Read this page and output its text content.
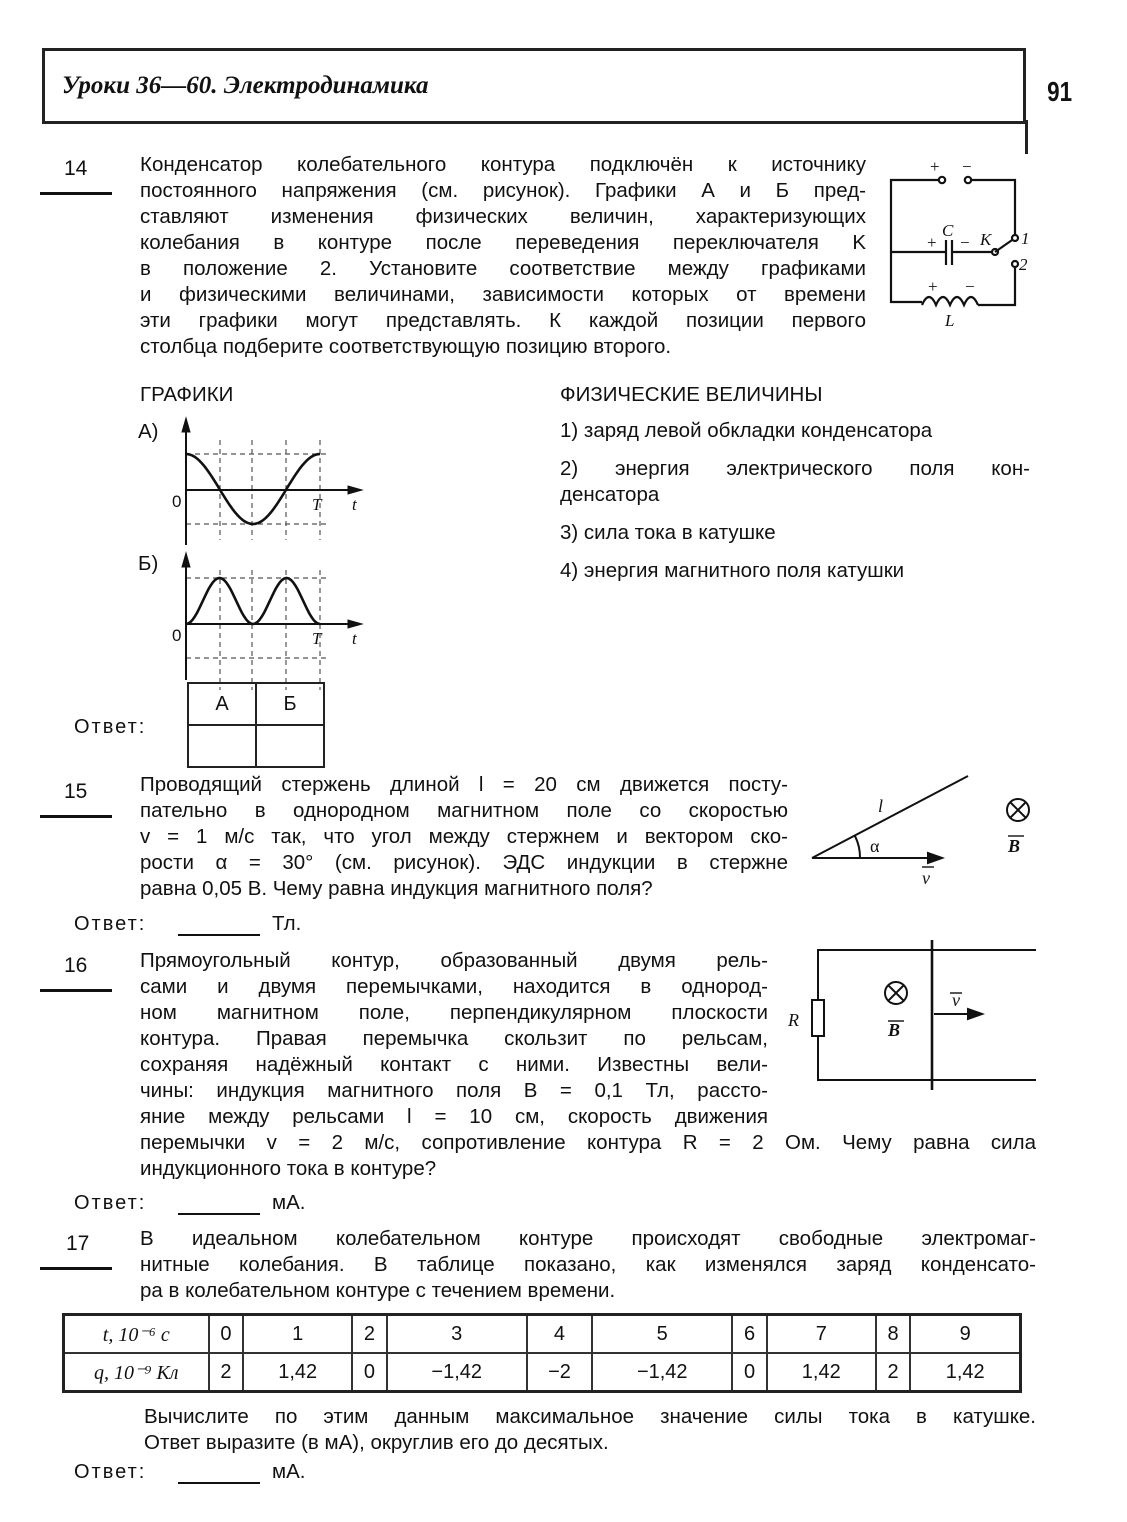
Уроки 36—60. Электродинамика	91
14	Конденсатор колебательного контура подключён к источнику
постоянного напряжения (см. рисунок). Графики А и Б пред-
ставляют изменения физических величин, характеризующих
колебания в контуре после переведения переключателя K
в положение 2. Установите соответствие между графиками
и физическими величинами, зависимости которых от времени
эти графики могут представлять. К каждой позиции первого
столбца подберите соответствующую позицию второго.
+ −
C
+ − K 1
2
+ −
L
0	T t
0	T t
l
α
v
B
R	B
v
ГРАФИКИ
А)
Б)
ФИЗИЧЕСКИЕ ВЕЛИЧИНЫ
1) заряд левой обкладки конденсатора
2) энергия электрического поля кон-
денсатора
3) сила тока в катушке
4) энергия магнитного поля катушки
Ответ:
А	Б

15	Проводящий стержень длиной l = 20 см движется посту-
пательно в однородном магнитном поле со скоростью
v = 1 м/с так, что угол между стержнем и вектором ско-
рости α = 30° (см. рисунок). ЭДС индукции в стержне
равна 0,05 В. Чему равна индукция магнитного поля?
Ответ:	Тл.
16	Прямоугольный контур, образованный двумя рель-
сами и двумя перемычками, находится в однород-
ном магнитном поле, перпендикулярном плоскости
контура. Правая перемычка скользит по рельсам,
сохраняя надёжный контакт с ними. Известны вели-
чины: индукция магнитного поля B = 0,1 Тл, рассто-
яние между рельсами l = 10 см, скорость движения
перемычки v = 2 м/с, сопротивление контура R = 2 Ом. Чему равна сила
индукционного тока в контуре?
Ответ:	мА.
17 В идеальном колебательном контуре происходят свободные электромаг-
нитные колебания. В таблице показано, как изменялся заряд конденсато-
ра в колебательном контуре с течением времени.
t, 10⁻⁶ с	0	1	2	3	4	5	6	7	8	9
q, 10⁻⁹ Кл	2	1,42	0	−1,42	−2	−1,42	0	1,42	2	1,42
Вычислите по этим данным максимальное значение силы тока в катушке.
Ответ выразите (в мА), округлив его до десятых.
Ответ:	мА.
